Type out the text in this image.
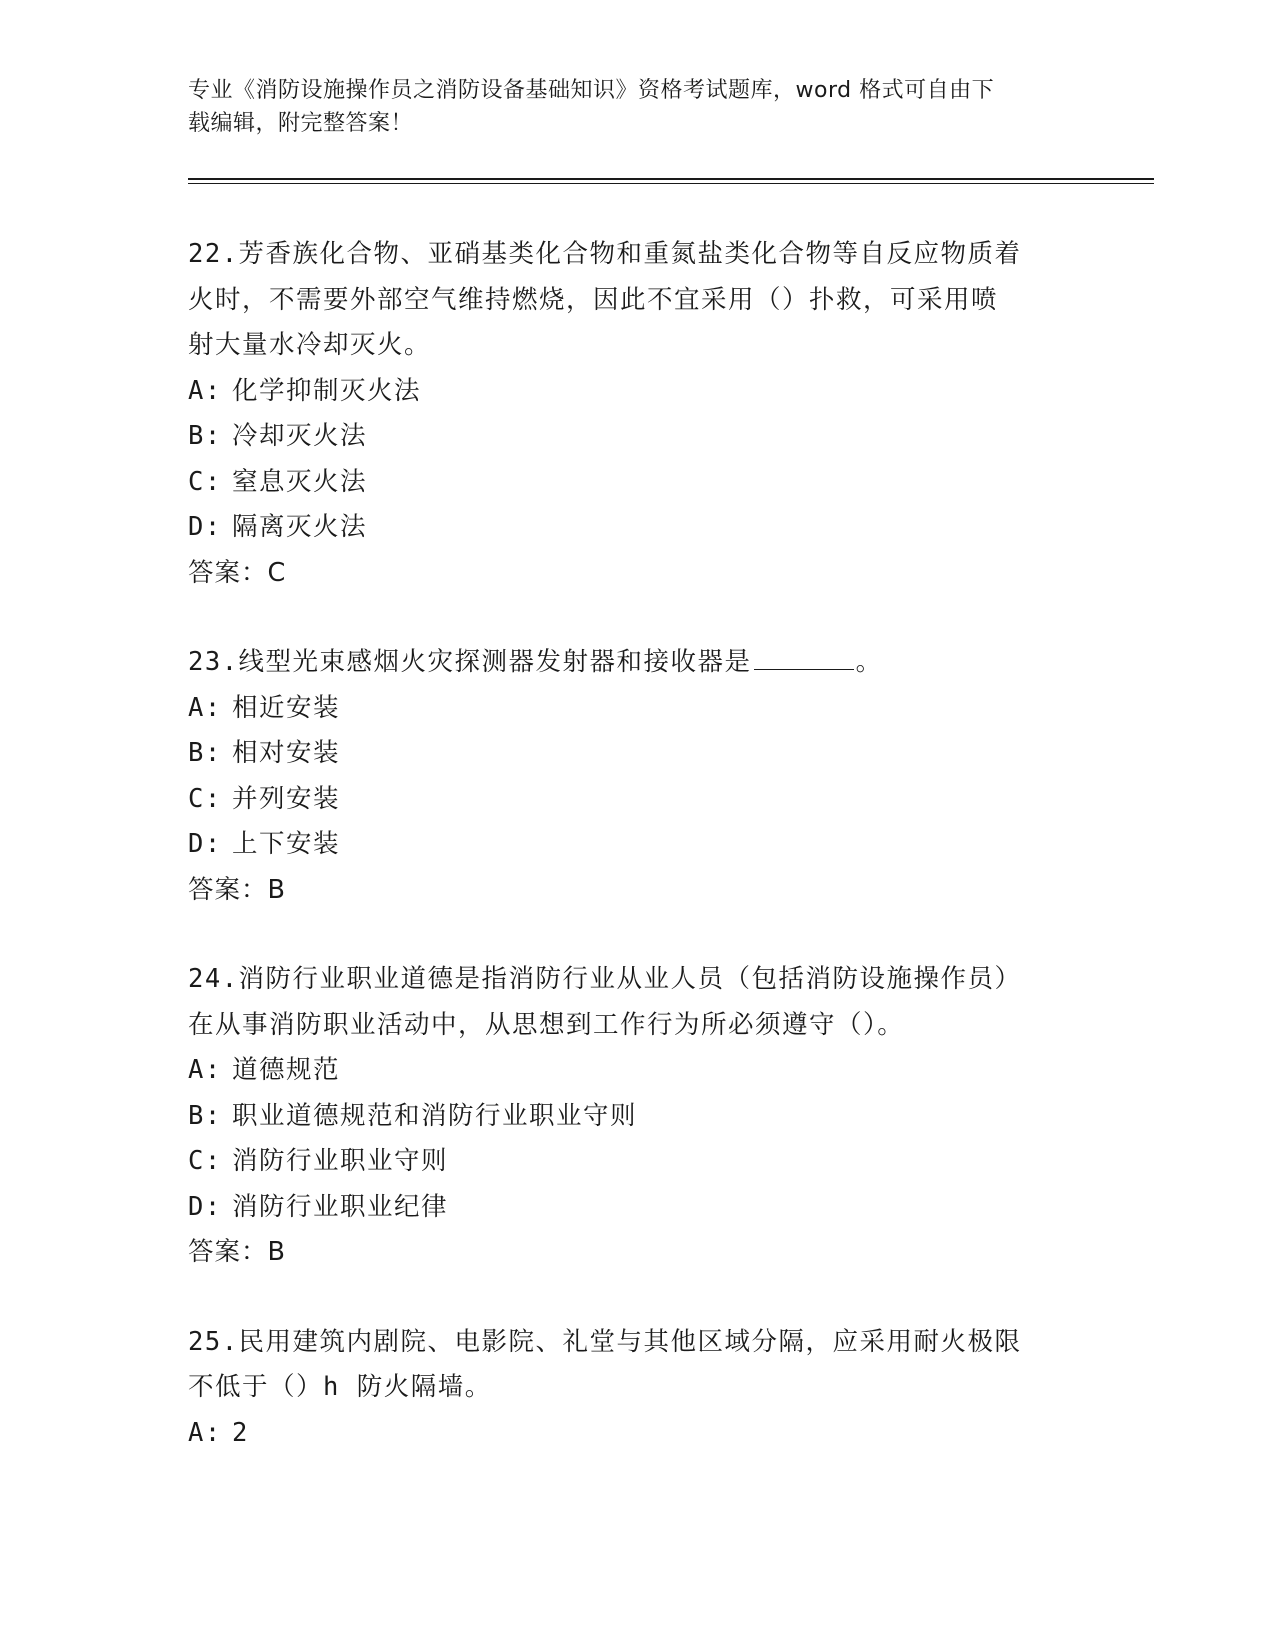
专业《消防设施操作员之消防设备基础知识》资格考试题库，word 格式可自由下
载编辑，附完整答案！

22.芳香族化合物、亚硝基类化合物和重氮盐类化合物等自反应物质着

火时，不需要外部空气维持燃烧，因此不宜采用（）扑救，可采用喷

射大量水冷却灭火。

A: 化学抑制灭火法
B: 冷却灭火法
C: 窒息灭火法
D: 隔离灭火法

答案：C

23.线型光束感烟火灾探测器发射器和接收器是	。

A: 相近安装
B: 相对安装
C: 并列安装
D: 上下安装

答案：B

24.消防行业职业道德是指消防行业从业人员（包括消防设施操作员）

在从事消防职业活动中，从思想到工作行为所必须遵守（）。

A: 道德规范
B: 职业道德规范和消防行业职业守则
C: 消防行业职业守则
D: 消防行业职业纪律

答案：B

25.民用建筑内剧院、电影院、礼堂与其他区域分隔，应采用耐火极限

不低于（）h 防火隔墙。

A: 2
